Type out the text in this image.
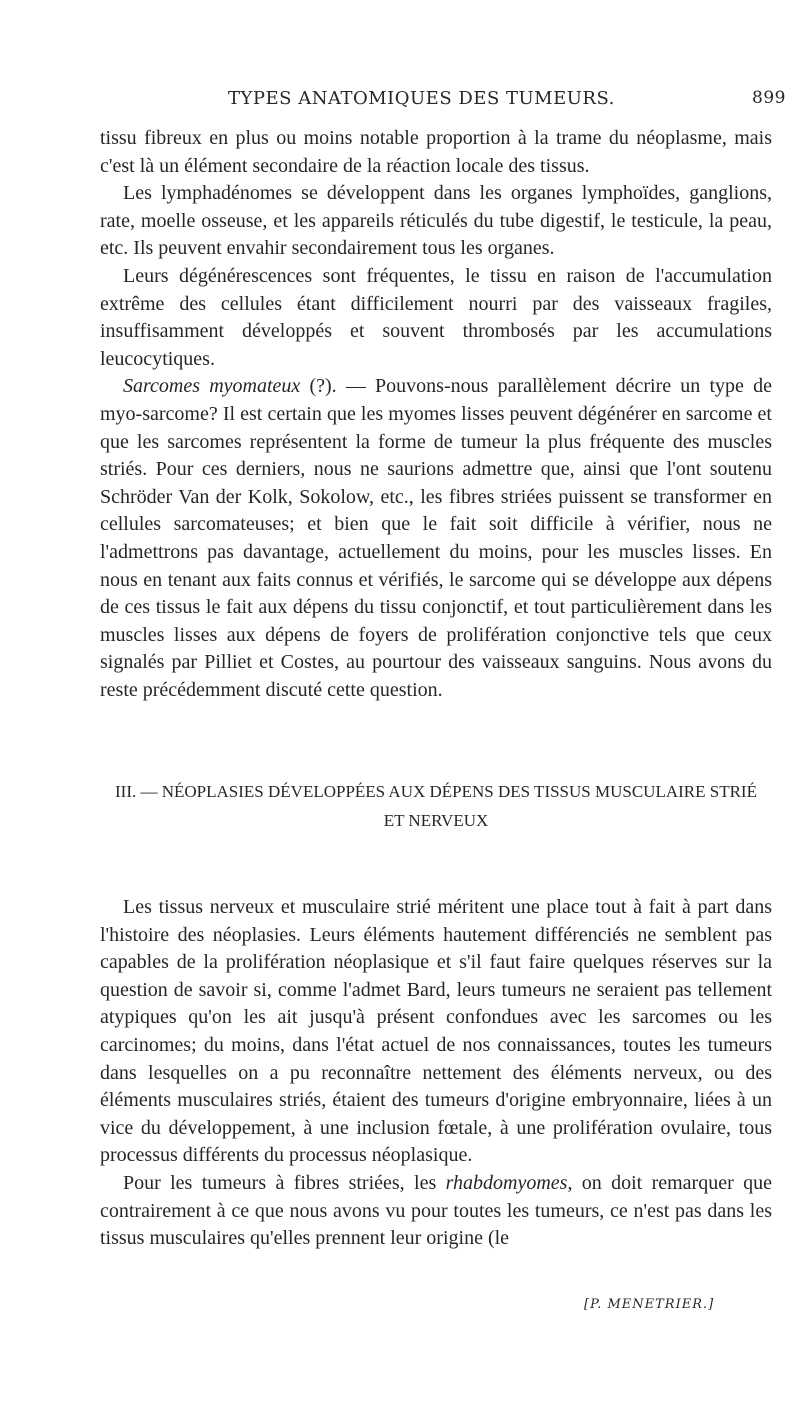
TYPES ANATOMIQUES DES TUMEURS.	899

tissu fibreux en plus ou moins notable proportion à la trame du néoplasme, mais c'est là un élément secondaire de la réaction locale des tissus.

Les lymphadénomes se développent dans les organes lymphoïdes, ganglions, rate, moelle osseuse, et les appareils réticulés du tube digestif, le testicule, la peau, etc. Ils peuvent envahir secondairement tous les organes.

Leurs dégénérescences sont fréquentes, le tissu en raison de l'accumulation extrême des cellules étant difficilement nourri par des vaisseaux fragiles, insuffisamment développés et souvent thrombosés par les accumulations leucocytiques.

Sarcomes myomateux (?). — Pouvons-nous parallèlement décrire un type de myo-sarcome? Il est certain que les myomes lisses peuvent dégénérer en sarcome et que les sarcomes représentent la forme de tumeur la plus fréquente des muscles striés. Pour ces derniers, nous ne saurions admettre que, ainsi que l'ont soutenu Schröder Van der Kolk, Sokolow, etc., les fibres striées puissent se transformer en cellules sarcomateuses; et bien que le fait soit difficile à vérifier, nous ne l'admettrons pas davantage, actuellement du moins, pour les muscles lisses. En nous en tenant aux faits connus et vérifiés, le sarcome qui se développe aux dépens de ces tissus le fait aux dépens du tissu conjonctif, et tout particulièrement dans les muscles lisses aux dépens de foyers de prolifération conjonctive tels que ceux signalés par Pilliet et Costes, au pourtour des vaisseaux sanguins. Nous avons du reste précédemment discuté cette question.

III. — NÉOPLASIES DÉVELOPPÉES AUX DÉPENS DES TISSUS MUSCULAIRE STRIÉ
ET NERVEUX

Les tissus nerveux et musculaire strié méritent une place tout à fait à part dans l'histoire des néoplasies. Leurs éléments hautement différenciés ne semblent pas capables de la prolifération néoplasique et s'il faut faire quelques réserves sur la question de savoir si, comme l'admet Bard, leurs tumeurs ne seraient pas tellement atypiques qu'on les ait jusqu'à présent confondues avec les sarcomes ou les carcinomes; du moins, dans l'état actuel de nos connaissances, toutes les tumeurs dans lesquelles on a pu reconnaître nettement des éléments nerveux, ou des éléments musculaires striés, étaient des tumeurs d'origine embryonnaire, liées à un vice du développement, à une inclusion fœtale, à une prolifération ovulaire, tous processus différents du processus néoplasique.

Pour les tumeurs à fibres striées, les rhabdomyomes, on doit remarquer que contrairement à ce que nous avons vu pour toutes les tumeurs, ce n'est pas dans les tissus musculaires qu'elles prennent leur origine (le

[P. MENETRIER.]
